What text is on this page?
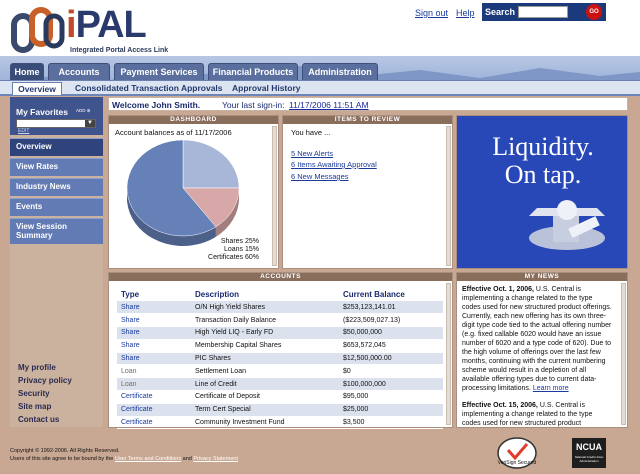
iPAL
Integrated Portal Access Link
Sign out Help Search	GO
Home	Accounts	Payment Services	Financial Products	Administration
Overview	Consolidated Transaction Approvals Approval History
My Favorites ADD ⊕
▼
EDIT
Overview
View Rates
Industry News
Events
View Session Summary
My profile
Privacy policy
Security
Site map
Contact us
Welcome John Smith.	Your last sign-in: 11/17/2006 11:51 AM
DASHBOARD
Account balances as of 11/17/2006
Shares 25%
Loans 15%
Certificates 60%
ITEMS TO REVIEW
You have ...
5 New Alerts
6 Items Awaiting Approval
6 New Messages
Liquidity.
On tap.
ACCOUNTS
Type	Description	Current Balance
Share	O/N High Yield Shares	$253,123,141.01
Share	Transaction Daily Balance	($223,509,027.13)
Share	High Yield LIQ - Early FD	$50,000,000
Share	Membership Capital Shares	$653,572,045
Share	PIC Shares	$12,500,000.00
Loan	Settlement Loan	$0
Loan	Line of Credit	$100,000,000
Certificate	Certificate of Deposit	$95,000
Certificate	Term Cert Special	$25,000
Certificate	Community Investment Fund	$3,500
MY NEWS

Effective Oct. 1, 2006, U.S. Central is implementing a change related to the type codes used for new structured product offerings. Currently, each new offering has its own three-digit type code tied to the actual offering number (e.g. fixed callable 6020 would have an issue number of 6020 and a type code of 620). Due to the high volume of offerings over the last few months, continuing with the current numbering scheme would result in a depletion of all available offering types due to current data-processing limitations. Learn more

Effective Oct. 15, 2006, U.S. Central is implementing a change related to the type codes used for new structured product

Copyright © 1992-2006. All Rights Reserved.
Users of this site agree to be bound by the User Terms and Conditions and Privacy Statement
VeriSign Secured
NCUA
National Credit Union Administration
